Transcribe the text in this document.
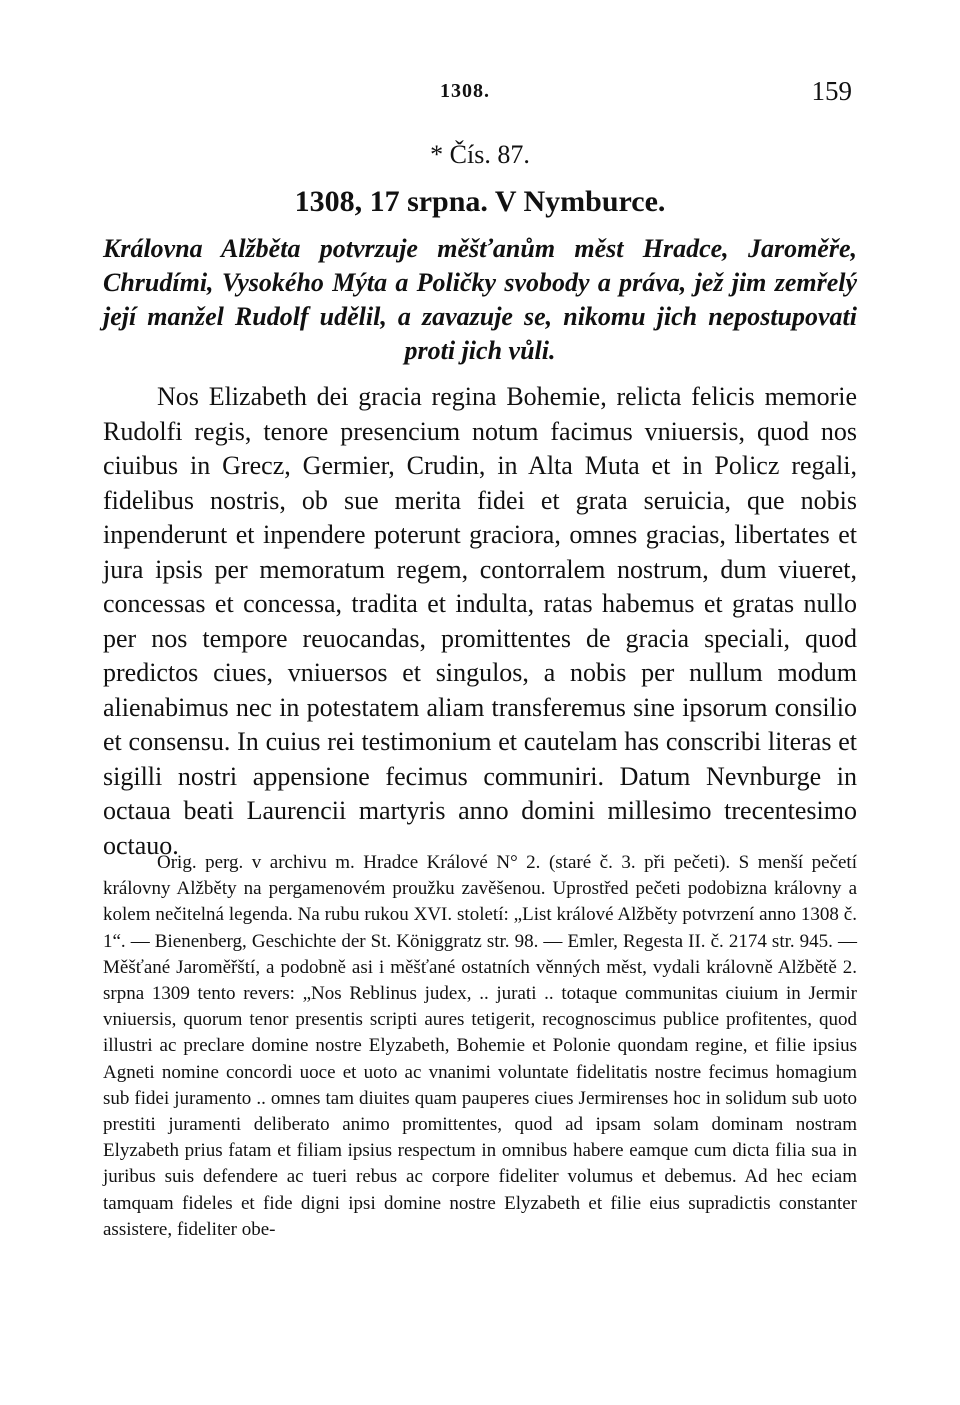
1308.	159
* Čís. 87.
1308, 17 srpna. V Nymburce.
Královna Alžběta potvrzuje měšťanům měst Hradce, Jaroměře, Chrudími, Vysokého Mýta a Poličky svobody a práva, jež jim zemřelý její manžel Rudolf udělil, a zavazuje se, nikomu jich nepostupovati proti jich vůli.

Nos Elizabeth dei gracia regina Bohemie, relicta felicis memorie Rudolfi regis, tenore presencium notum facimus vniuersis, quod nos ciuibus in Grecz, Germier, Crudin, in Alta Muta et in Policz regali, fidelibus nostris, ob sue merita fidei et grata seruicia, que nobis inpenderunt et inpendere poterunt graciora, omnes gracias, libertates et jura ipsis per memoratum regem, contorralem nostrum, dum viueret, concessas et concessa, tradita et indulta, ratas habemus et gratas nullo per nos tempore reuocandas, promittentes de gracia speciali, quod predictos ciues, vniuersos et singulos, a nobis per nullum modum alienabimus nec in potestatem aliam transferemus sine ipsorum consilio et consensu. In cuius rei testimonium et cautelam has conscribi literas et sigilli nostri appensione fecimus communiri. Datum Nevnburge in octaua beati Laurencii martyris anno domini millesimo trecentesimo octauo.

Orig. perg. v archivu m. Hradce Králové N° 2. (staré č. 3. při pečeti). S menší pečetí královny Alžběty na pergamenovém proužku zavěšenou. Uprostřed pečeti podobizna královny a kolem nečitelná legenda. Na rubu rukou XVI. století: „List králové Alžběty potvrzení anno 1308 č. 1“. — Bienenberg, Geschichte der St. Königgratz str. 98. — Emler, Regesta II. č. 2174 str. 945. — Měšťané Jaroměřští, a podobně asi i měšťané ostatních věnných měst, vydali královně Alžbětě 2. srpna 1309 tento revers: „Nos Reblinus judex, .. jurati .. totaque communitas ciuium in Jermir vniuersis, quorum tenor presentis scripti aures tetigerit, recognoscimus publice profitentes, quod illustri ac preclare domine nostre Elyzabeth, Bohemie et Polonie quondam regine, et filie ipsius Agneti nomine concordi uoce et uoto ac vnanimi voluntate fidelitatis nostre fecimus homagium sub fidei juramento .. omnes tam diuites quam pauperes ciues Jermirenses hoc in solidum sub uoto prestiti juramenti deliberato animo promittentes, quod ad ipsam solam dominam nostram Elyzabeth prius fatam et filiam ipsius respectum in omnibus habere eamque cum dicta filia sua in juribus suis defendere ac tueri rebus ac corpore fideliter volumus et debemus. Ad hec eciam tamquam fideles et fide digni ipsi domine nostre Elyzabeth et filie eius supradictis constanter assistere, fideliter obe-
